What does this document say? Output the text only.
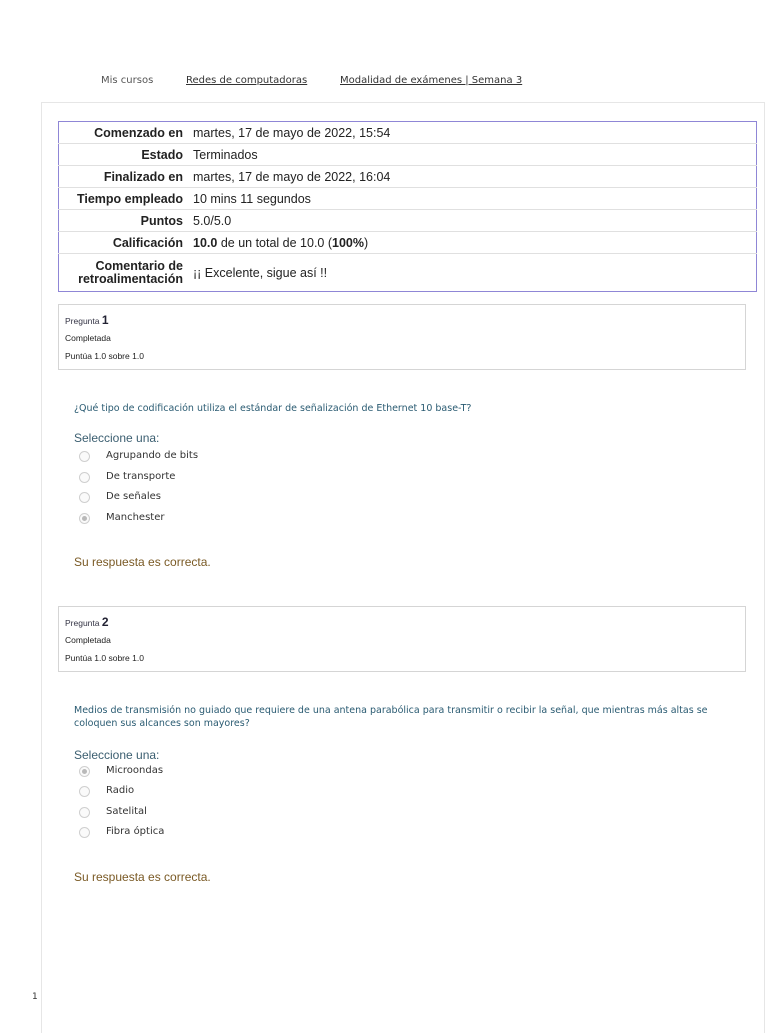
Mis cursos	Redes de computadoras	Modalidad de exámenes | Semana 3
Comenzado en	martes, 17 de mayo de 2022, 15:54
Estado	Terminados
Finalizado en	martes, 17 de mayo de 2022, 16:04
Tiempo empleado	10 mins 11 segundos
Puntos	5.0/5.0
Calificación	10.0 de un total de 10.0 (100%)
Comentario de
retroalimentación	¡¡ Excelente, sigue así !!
Pregunta 1
Completada
Puntúa 1.0 sobre 1.0
¿Qué tipo de codificación utiliza el estándar de señalización de Ethernet 10 base-T?
Seleccione una:
Agrupando de bits
De transporte
De señales
Manchester
Su respuesta es correcta.
Pregunta 2
Completada
Puntúa 1.0 sobre 1.0
Medios de transmisión no guiado que requiere de una antena parabólica para transmitir o recibir la señal, que mientras más altas se coloquen sus alcances son mayores?
Seleccione una:
Microondas
Radio
Satelital
Fibra óptica
Su respuesta es correcta.
1
